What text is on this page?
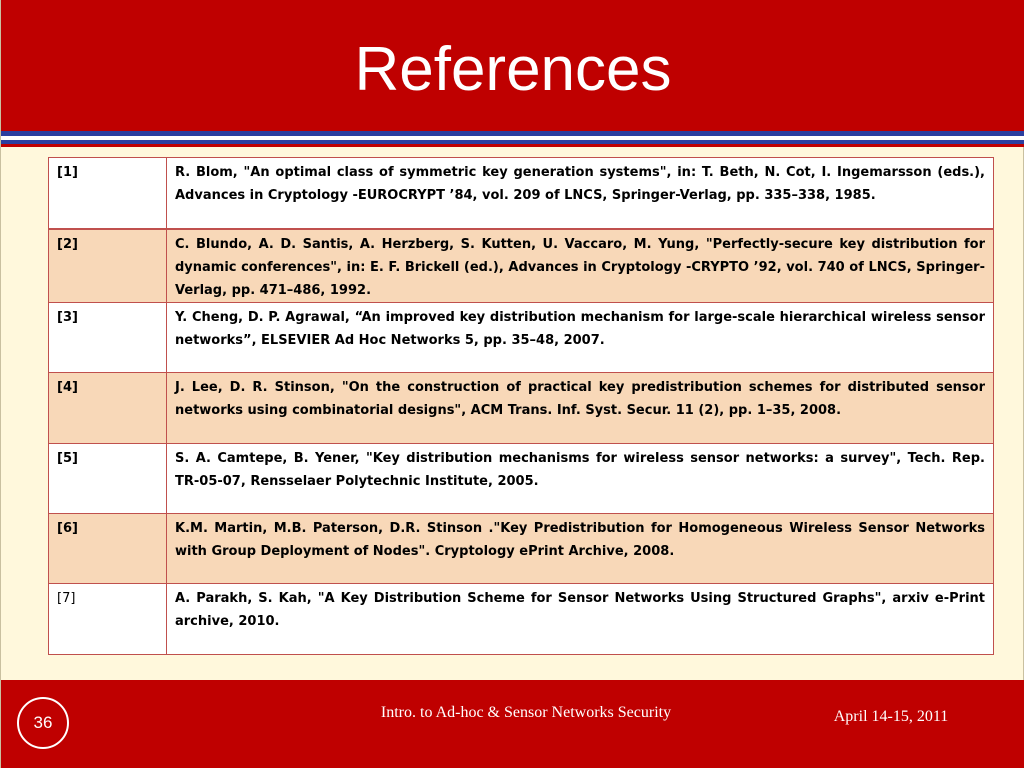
References
[1]	R. Blom, "An optimal class of symmetric key generation systems", in: T. Beth, N. Cot, I. Ingemarsson (eds.), Advances in Cryptology -EUROCRYPT ’84, vol. 209 of LNCS, Springer-Verlag, pp. 335–338, 1985.
[2]	C. Blundo, A. D. Santis, A. Herzberg, S. Kutten, U. Vaccaro, M. Yung, "Perfectly-secure key distribution for dynamic conferences", in: E. F. Brickell (ed.), Advances in Cryptology -CRYPTO ’92, vol. 740 of LNCS, Springer-Verlag, pp. 471–486, 1992.
[3]	Y. Cheng, D. P. Agrawal, “An improved key distribution mechanism for large-scale hierarchical wireless sensor networks”, ELSEVIER Ad Hoc Networks 5, pp. 35–48, 2007.
[4]	J. Lee, D. R. Stinson, "On the construction of practical key predistribution schemes for distributed sensor networks using combinatorial designs", ACM Trans. Inf. Syst. Secur. 11 (2), pp. 1–35, 2008.
[5]	S. A. Camtepe, B. Yener, "Key distribution mechanisms for wireless sensor networks: a survey", Tech. Rep. TR-05-07, Rensselaer Polytechnic Institute, 2005.
[6]	K.M. Martin, M.B. Paterson, D.R. Stinson ."Key Predistribution for Homogeneous Wireless Sensor Networks with Group Deployment of Nodes". Cryptology ePrint Archive, 2008.
[7]	A. Parakh, S. Kah, "A Key Distribution Scheme for Sensor Networks Using Structured Graphs", arxiv e-Print archive, 2010.
36
Intro. to Ad-hoc & Sensor Networks Security	April 14-15, 2011
